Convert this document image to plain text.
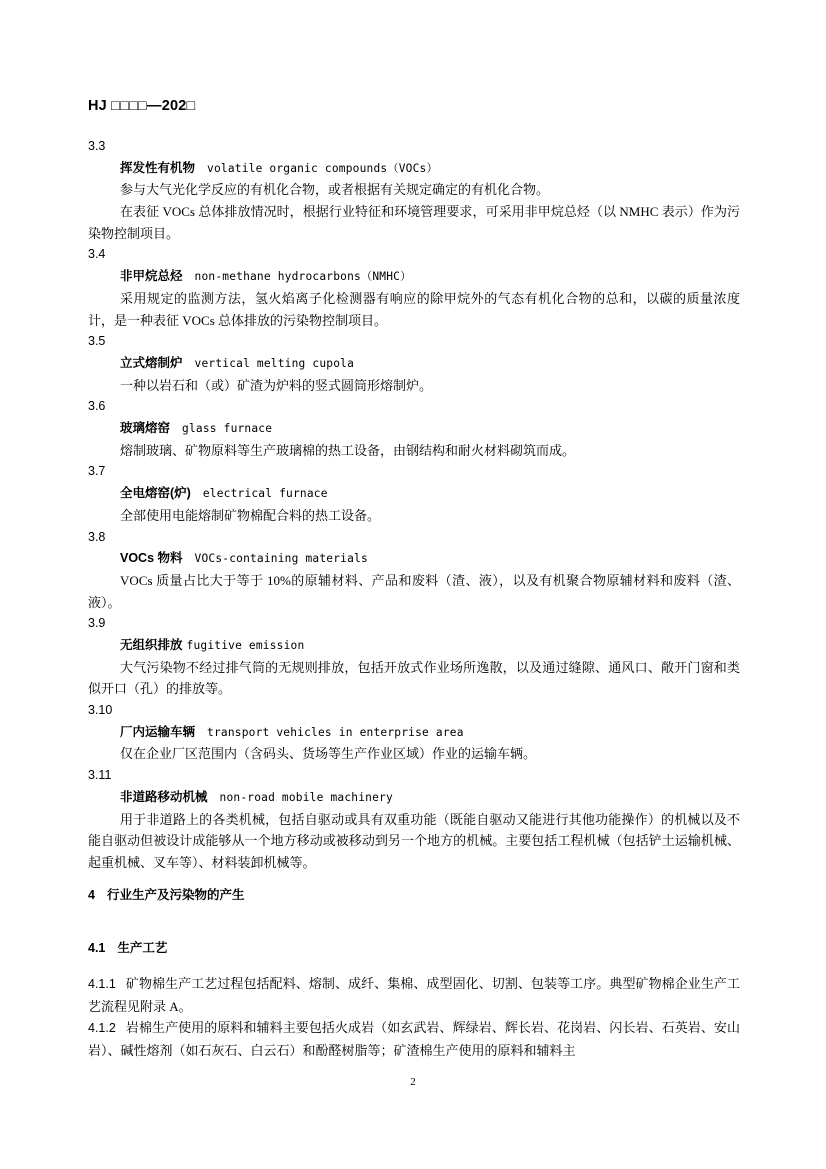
HJ □□□□—202□
3.3
挥发性有机物 volatile organic compounds（VOCs）

参与大气光化学反应的有机化合物，或者根据有关规定确定的有机化合物。

在表征 VOCs 总体排放情况时，根据行业特征和环境管理要求，可采用非甲烷总烃（以 NMHC 表示）作为污染物控制项目。

3.4
非甲烷总烃 non-methane hydrocarbons（NMHC）

采用规定的监测方法，氢火焰离子化检测器有响应的除甲烷外的气态有机化合物的总和，以碳的质量浓度计，是一种表征 VOCs 总体排放的污染物控制项目。

3.5
立式熔制炉 vertical melting cupola

一种以岩石和（或）矿渣为炉料的竖式圆筒形熔制炉。

3.6
玻璃熔窑 glass furnace

熔制玻璃、矿物原料等生产玻璃棉的热工设备，由钢结构和耐火材料砌筑而成。

3.7
全电熔窑(炉) electrical furnace

全部使用电能熔制矿物棉配合料的热工设备。

3.8
VOCs 物料 VOCs-containing materials

VOCs 质量占比大于等于 10%的原辅材料、产品和废料（渣、液），以及有机聚合物原辅材料和废料（渣、液）。

3.9
无组织排放 fugitive emission

大气污染物不经过排气筒的无规则排放，包括开放式作业场所逸散，以及通过缝隙、通风口、敞开门窗和类似开口（孔）的排放等。

3.10
厂内运输车辆 transport vehicles in enterprise area

仅在企业厂区范围内（含码头、货场等生产作业区域）作业的运输车辆。

3.11
非道路移动机械 non-road mobile machinery

用于非道路上的各类机械，包括自驱动或具有双重功能（既能自驱动又能进行其他功能操作）的机械以及不能自驱动但被设计成能够从一个地方移动或被移动到另一个地方的机械。主要包括工程机械（包括铲土运输机械、起重机械、叉车等）、材料装卸机械等。

4 行业生产及污染物的产生
4.1 生产工艺

4.1.1 矿物棉生产工艺过程包括配料、熔制、成纤、集棉、成型固化、切割、包装等工序。典型矿物棉企业生产工艺流程见附录 A。

4.1.2 岩棉生产使用的原料和辅料主要包括火成岩（如玄武岩、辉绿岩、辉长岩、花岗岩、闪长岩、石英岩、安山岩）、碱性熔剂（如石灰石、白云石）和酚醛树脂等；矿渣棉生产使用的原料和辅料主

2
